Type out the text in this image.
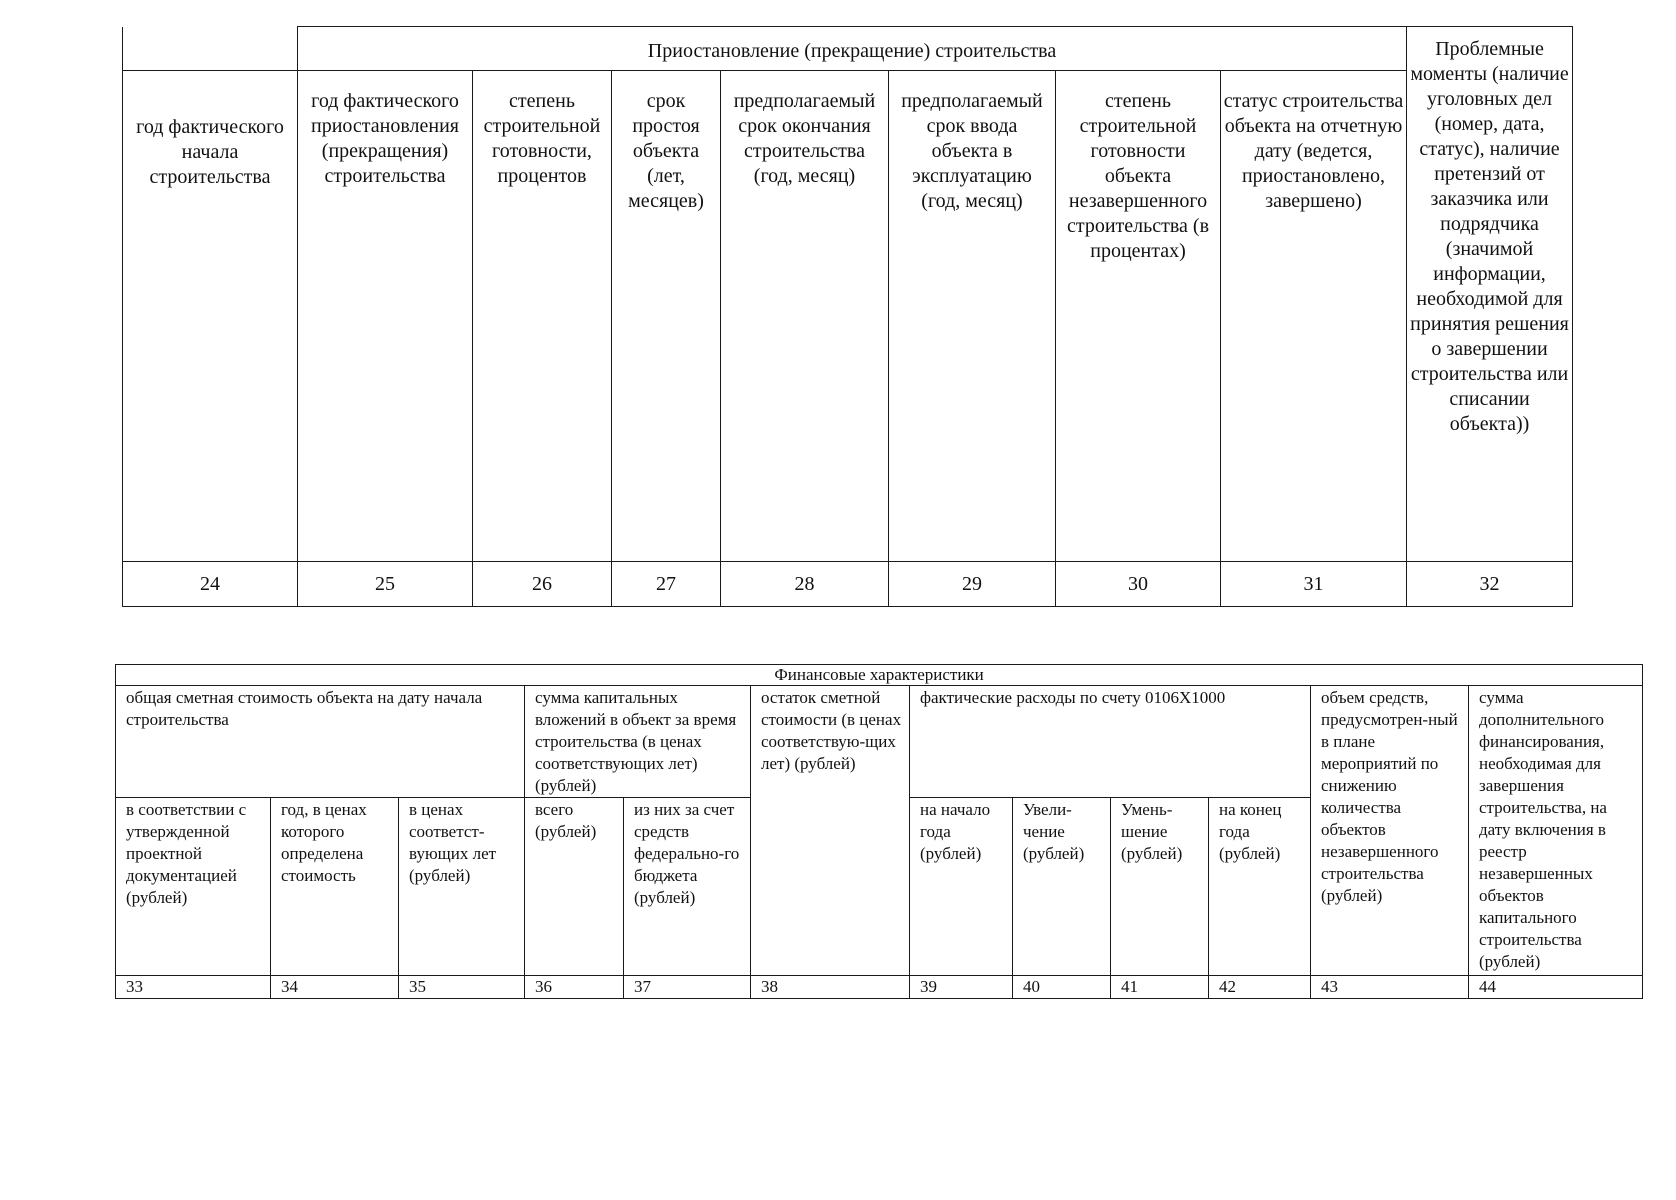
	Приостановление (прекращение) строительства							Проблемные моменты (наличие уголовных дел (номер, дата, статус), наличие претензий от заказчика или подрядчика (значимой информации, необходимой для принятия решения о завершении строительства или списании объекта))
год фактического начала строительства	год фактического приостановления (прекращения) строительства	степень строительной готовности, процентов	срок простоя объекта (лет, месяцев)	предполагаемый срок окончания строительства (год, месяц)	предполагаемый срок ввода объекта в эксплуатацию (год, месяц)	степень строительной готовности объекта незавершенного строительства (в процентах)	статус строительства объекта на отчетную дату (ведется, приостановлено, завершено)	
24	25	26	27	28	29	30	31	32
Финансовые характеристики											
общая сметная стоимость объекта на дату начала строительства			сумма капитальных вложений в объект за время строительства (в ценах соответствующих лет) (рублей)		остаток сметной стоимости (в ценах соответствую-щих лет) (рублей)	фактические расходы по счету 0106Х1000				объем средств, предусмотрен-ный в плане мероприятий по снижению количества объектов незавершенного строительства (рублей)	сумма дополнительного финансирования, необходимая для завершения строительства, на дату включения в реестр незавершенных объектов капитального строительства (рублей)
в соответствии с утвержденной проектной документацией (рублей)	год, в ценах которого определена стоимость	в ценах соответст-вующих лет (рублей)	всего (рублей)	из них за счет средств федерально-го бюджета (рублей)		на начало года (рублей)	Увели-чение (рублей)	Умень-шение (рублей)	на конец года (рублей)		
33	34	35	36	37	38	39	40	41	42	43	44
